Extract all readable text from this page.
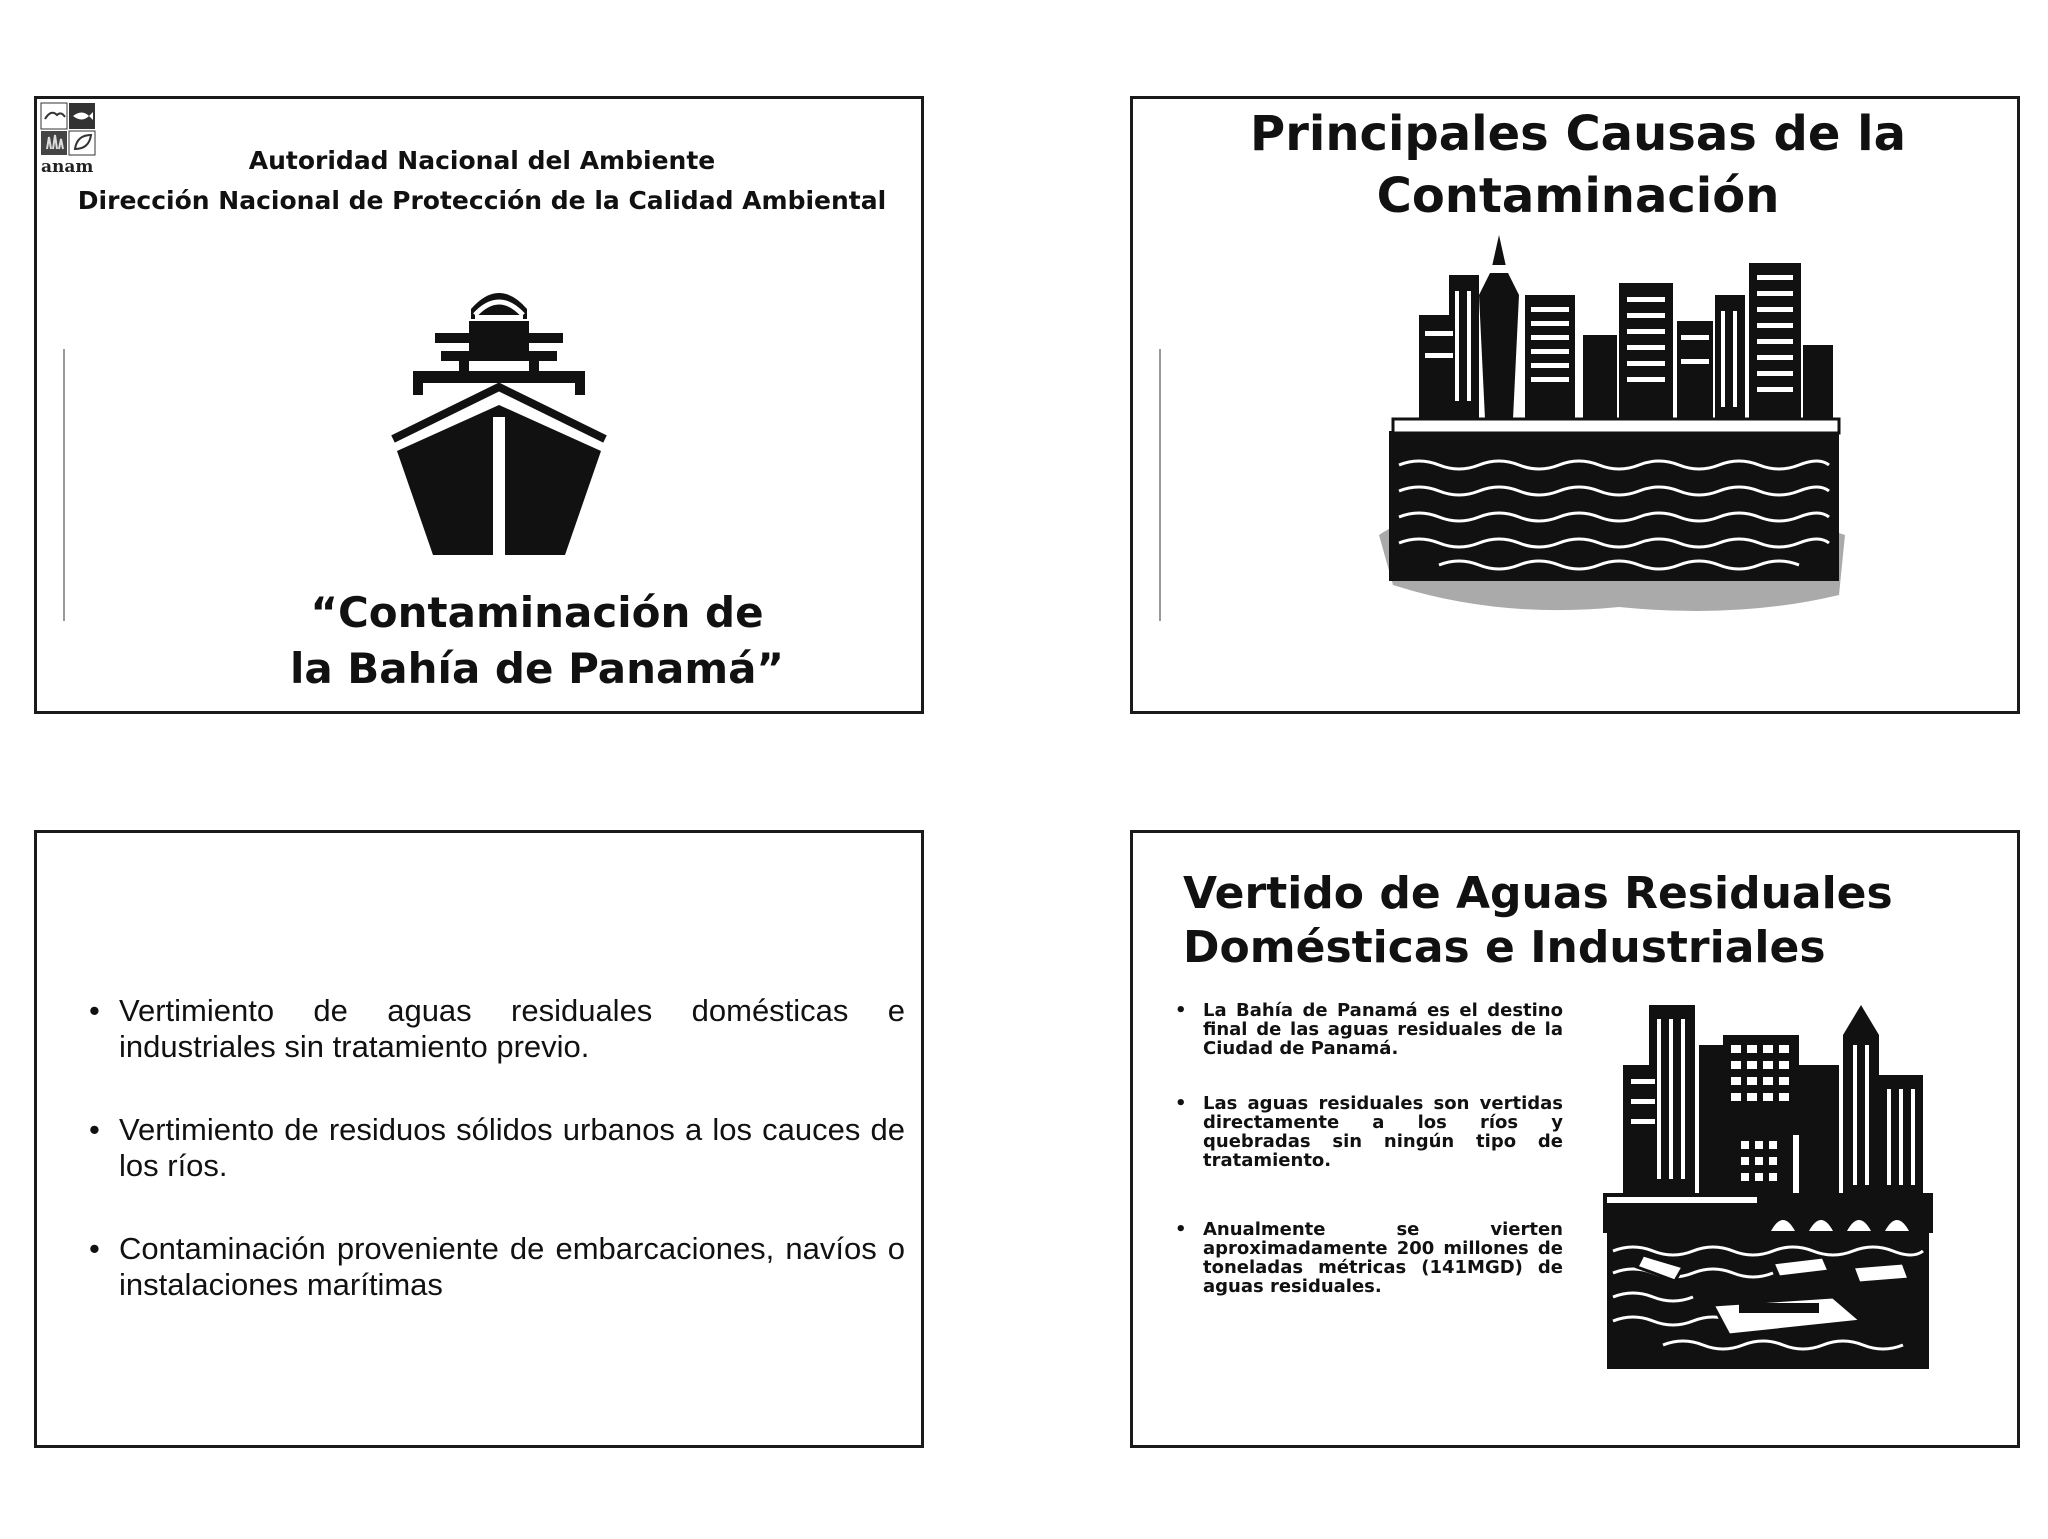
anam	Autoridad Nacional del Ambiente
Dirección Nacional de Protección de la Calidad Ambiental
“Contaminación de
la Bahía de Panamá”
Principales Causas de la
Contaminación
• Vertimiento de aguas residuales domésticas e industriales sin tratamiento previo.
• Vertimiento de residuos sólidos urbanos a los cauces de los ríos.
• Contaminación proveniente de embarcaciones, navíos o instalaciones marítimas
Vertido de Aguas Residuales
Domésticas e Industriales
• La Bahía de Panamá es el destino final de las aguas residuales de la Ciudad de Panamá.
• Las aguas residuales son vertidas directamente a los ríos y quebradas sin ningún tipo de tratamiento.
• Anualmente se vierten aproximadamente 200 millones de toneladas métricas (141MGD) de aguas residuales.
